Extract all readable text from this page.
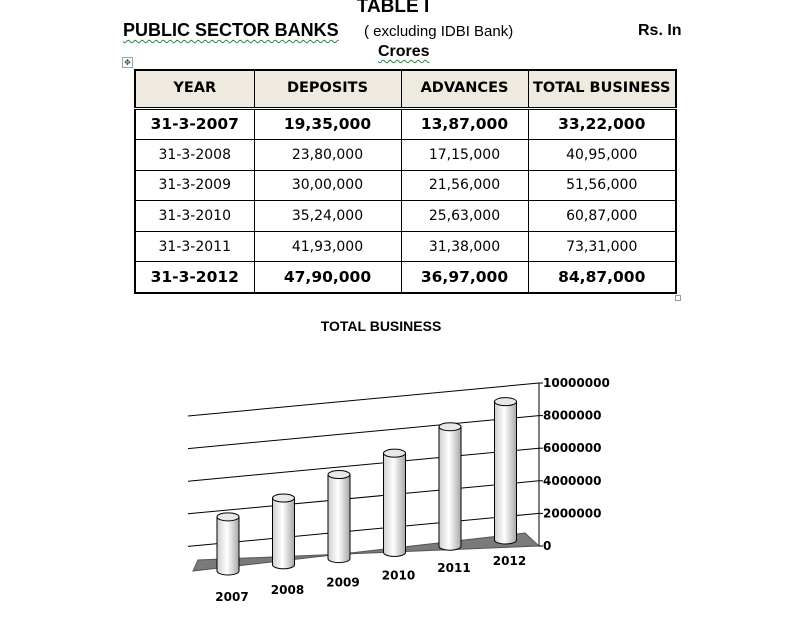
TABLE I
PUBLIC SECTOR BANKS ( excluding IDBI Bank)	Rs. In
Crores
✥
YEAR	DEPOSITS	ADVANCES	TOTAL BUSINESS
31-3-2007	19,35,000	13,87,000	33,22,000
31-3-2008	23,80,000	17,15,000	40,95,000
31-3-2009	30,00,000	21,56,000	51,56,000
31-3-2010	35,24,000	25,63,000	60,87,000
31-3-2011	41,93,000	31,38,000	73,31,000
31-3-2012	47,90,000	36,97,000	84,87,000
TOTAL BUSINESS
0
2000000
4000000
6000000
8000000
10000000
2007
2008
2009
2010
2011
2012
